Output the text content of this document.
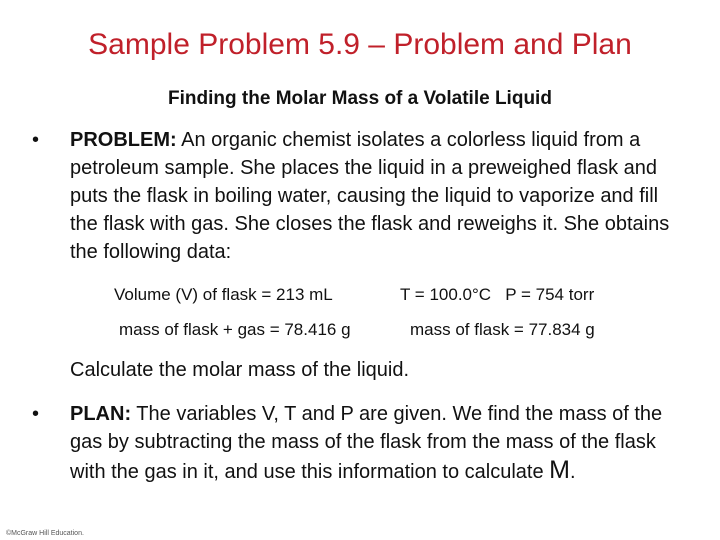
Sample Problem 5.9 – Problem and Plan
Finding the Molar Mass of a Volatile Liquid
• PROBLEM: An organic chemist isolates a colorless liquid from a petroleum sample. She places the liquid in a preweighed flask and puts the flask in boiling water, causing the liquid to vaporize and fill the flask with gas. She closes the flask and reweighs it. She obtains the following data:
Volume (V) of flask = 213 mL	T = 100.0°C   P = 754 torr
mass of flask + gas = 78.416 g	mass of flask = 77.834 g
Calculate the molar mass of the liquid.
• PLAN: The variables V, T and P are given. We find the mass of the gas by subtracting the mass of the flask from the mass of the flask with the gas in it, and use this information to calculate M.
©McGraw Hill Education.
